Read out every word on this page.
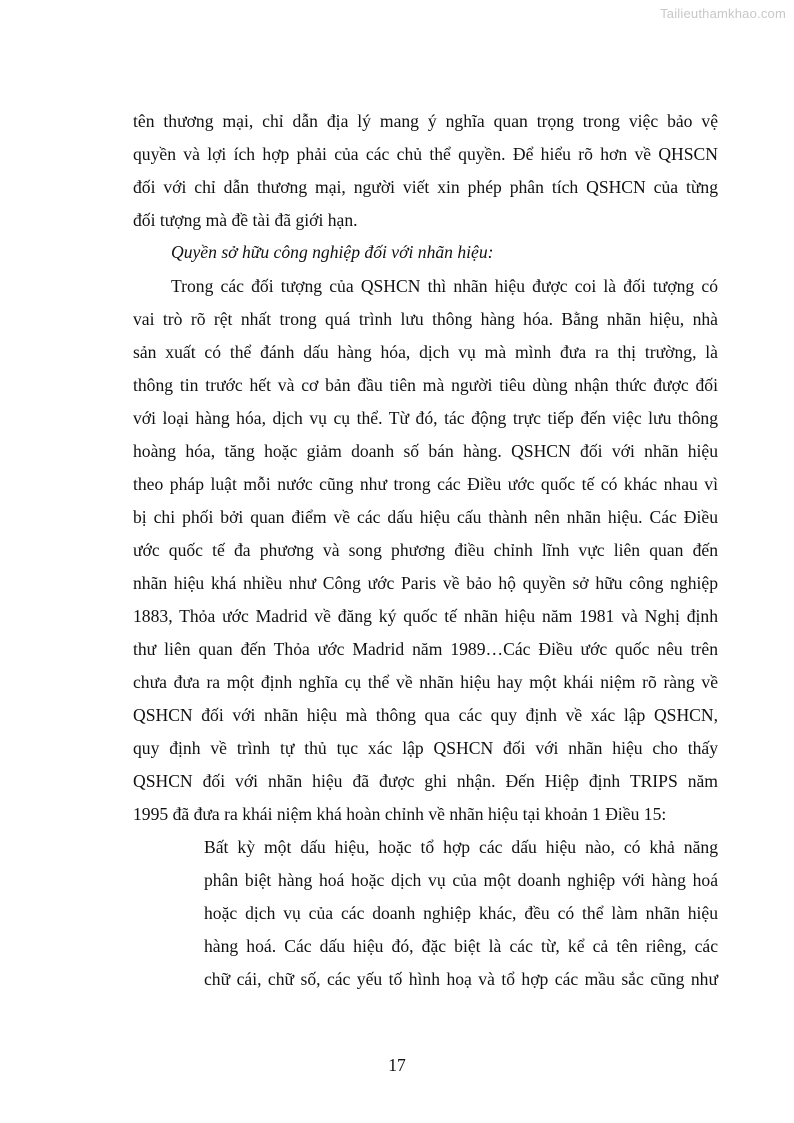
Tailieuthamkhao.com
tên thương mại, chỉ dẫn địa lý mang ý nghĩa quan trọng trong việc bảo vệ
quyền và lợi ích hợp phải của các chủ thể quyền. Để hiểu rõ hơn về QHSCN
đối với chỉ dẫn thương mại, người viết xin phép phân tích QSHCN của từng
đối tượng mà đề tài đã giới hạn.
Quyền sở hữu công nghiệp đối với nhãn hiệu:
Trong các đối tượng của QSHCN thì nhãn hiệu được coi là đối tượng có
vai trò rõ rệt nhất trong quá trình lưu thông hàng hóa. Bằng nhãn hiệu, nhà
sản xuất có thể đánh dấu hàng hóa, dịch vụ mà mình đưa ra thị trường, là
thông tin trước hết và cơ bản đầu tiên mà người tiêu dùng nhận thức được đối
với loại hàng hóa, dịch vụ cụ thể. Từ đó, tác động trực tiếp đến việc lưu thông
hoàng hóa, tăng hoặc giảm doanh số bán hàng. QSHCN đối với nhãn hiệu
theo pháp luật mỗi nước cũng như trong các Điều ước quốc tế có khác nhau vì
bị chi phối bởi quan điểm về các dấu hiệu cấu thành nên nhãn hiệu. Các Điều
ước quốc tế đa phương và song phương điều chỉnh lĩnh vực liên quan đến
nhãn hiệu khá nhiều như Công ước Paris về bảo hộ quyền sở hữu công nghiệp
1883, Thỏa ước Madrid về đăng ký quốc tế nhãn hiệu năm 1981 và Nghị định
thư liên quan đến Thỏa ước Madrid năm 1989…Các Điều ước quốc nêu trên
chưa đưa ra một định nghĩa cụ thể về nhãn hiệu hay một khái niệm rõ ràng về
QSHCN đối với nhãn hiệu mà thông qua các quy định về xác lập QSHCN,
quy định về trình tự thủ tục xác lập QSHCN đối với nhãn hiệu cho thấy
QSHCN đối với nhãn hiệu đã được ghi nhận. Đến Hiệp định TRIPS năm
1995 đã đưa ra khái niệm khá hoàn chỉnh về nhãn hiệu tại khoản 1 Điều 15:
Bất kỳ một dấu hiệu, hoặc tổ hợp các dấu hiệu nào, có khả năng
phân biệt hàng hoá hoặc dịch vụ của một doanh nghiệp với hàng hoá
hoặc dịch vụ của các doanh nghiệp khác, đều có thể làm nhãn hiệu
hàng hoá. Các dấu hiệu đó, đặc biệt là các từ, kể cả tên riêng, các
chữ cái, chữ số, các yếu tố hình hoạ và tổ hợp các mầu sắc cũng như
17
